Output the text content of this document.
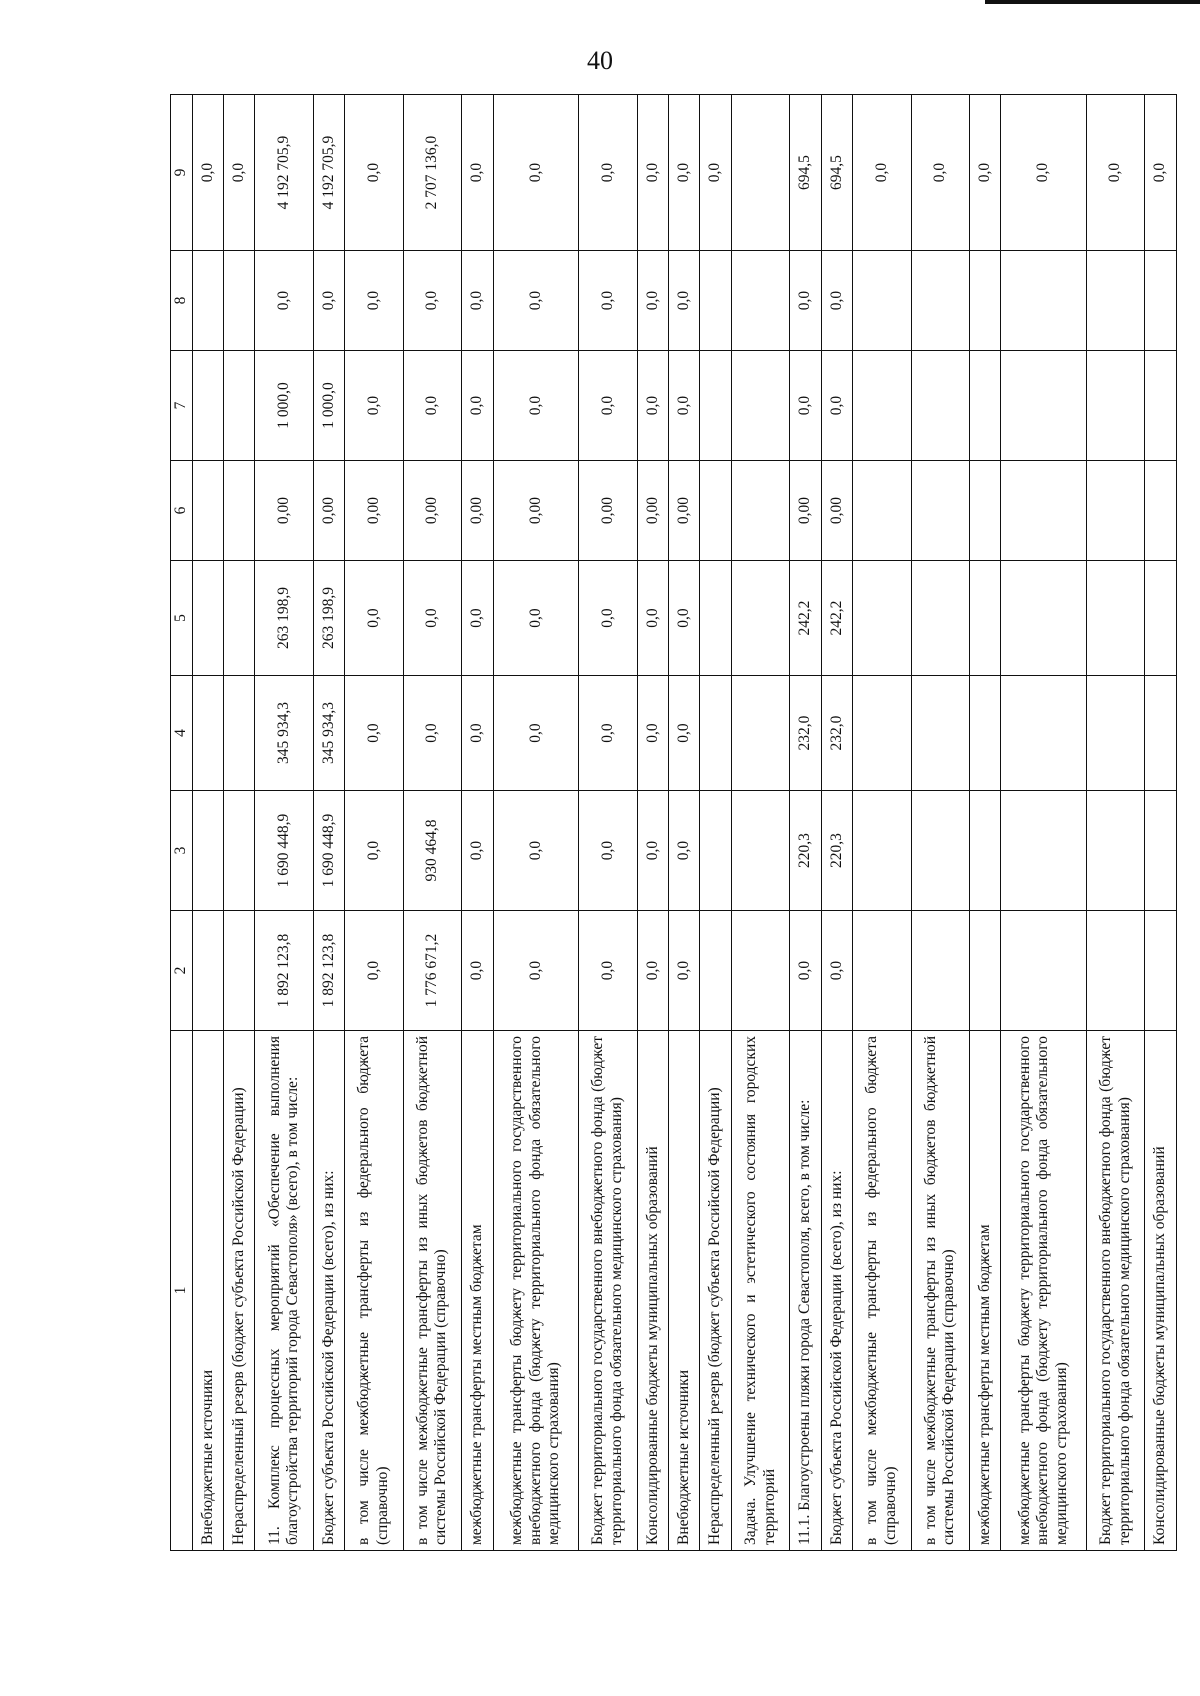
40
1	2	3	4	5	6	7	8	9
Внебюджетные источники								0,0
Нераспределенный резерв (бюджет субъекта Российской Федерации)								0,0
11. Комплекс процессных мероприятий «Обеспечение выполнения благоустройства территорий города Севастополя» (всего), в том числе:	1 892 123,8	1 690 448,9	345 934,3	263 198,9	0,00	1 000,0	0,0	4 192 705,9
Бюджет субъекта Российской Федерации (всего), из них:	1 892 123,8	1 690 448,9	345 934,3	263 198,9	0,00	1 000,0	0,0	4 192 705,9
в том числе межбюджетные трансферты из федерального бюджета (справочно)	0,0	0,0	0,0	0,0	0,00	0,0	0,0	0,0
в том числе межбюджетные трансферты из иных бюджетов бюджетной системы Российской Федерации (справочно)	1 776 671,2	930 464,8	0,0	0,0	0,00	0,0	0,0	2 707 136,0
межбюджетные трансферты местным бюджетам	0,0	0,0	0,0	0,0	0,00	0,0	0,0	0,0
межбюджетные трансферты бюджету территориального государственного внебюджетного фонда (бюджету территориального фонда обязательного медицинского страхования)	0,0	0,0	0,0	0,0	0,00	0,0	0,0	0,0
Бюджет территориального государственного внебюджетного фонда (бюджет территориального фонда обязательного медицинского страхования)	0,0	0,0	0,0	0,0	0,00	0,0	0,0	0,0
Консолидированные бюджеты муниципальных образований	0,0	0,0	0,0	0,0	0,00	0,0	0,0	0,0
Внебюджетные источники	0,0	0,0	0,0	0,0	0,00	0,0	0,0	0,0
Нераспределенный резерв (бюджет субъекта Российской Федерации)								0,0
Задача. Улучшение технического и эстетического состояния городских территорий								
11.1. Благоустроены пляжи города Севастополя, всего, в том числе:	0,0	220,3	232,0	242,2	0,00	0,0	0,0	694,5
Бюджет субъекта Российской Федерации (всего), из них:	0,0	220,3	232,0	242,2	0,00	0,0	0,0	694,5
в том числе межбюджетные трансферты из федерального бюджета (справочно)								0,0
в том числе межбюджетные трансферты из иных бюджетов бюджетной системы Российской Федерации (справочно)								0,0
межбюджетные трансферты местным бюджетам								0,0
межбюджетные трансферты бюджету территориального государственного внебюджетного фонда (бюджету территориального фонда обязательного медицинского страхования)								0,0
Бюджет территориального государственного внебюджетного фонда (бюджет территориального фонда обязательного медицинского страхования)								0,0
Консолидированные бюджеты муниципальных образований								0,0
